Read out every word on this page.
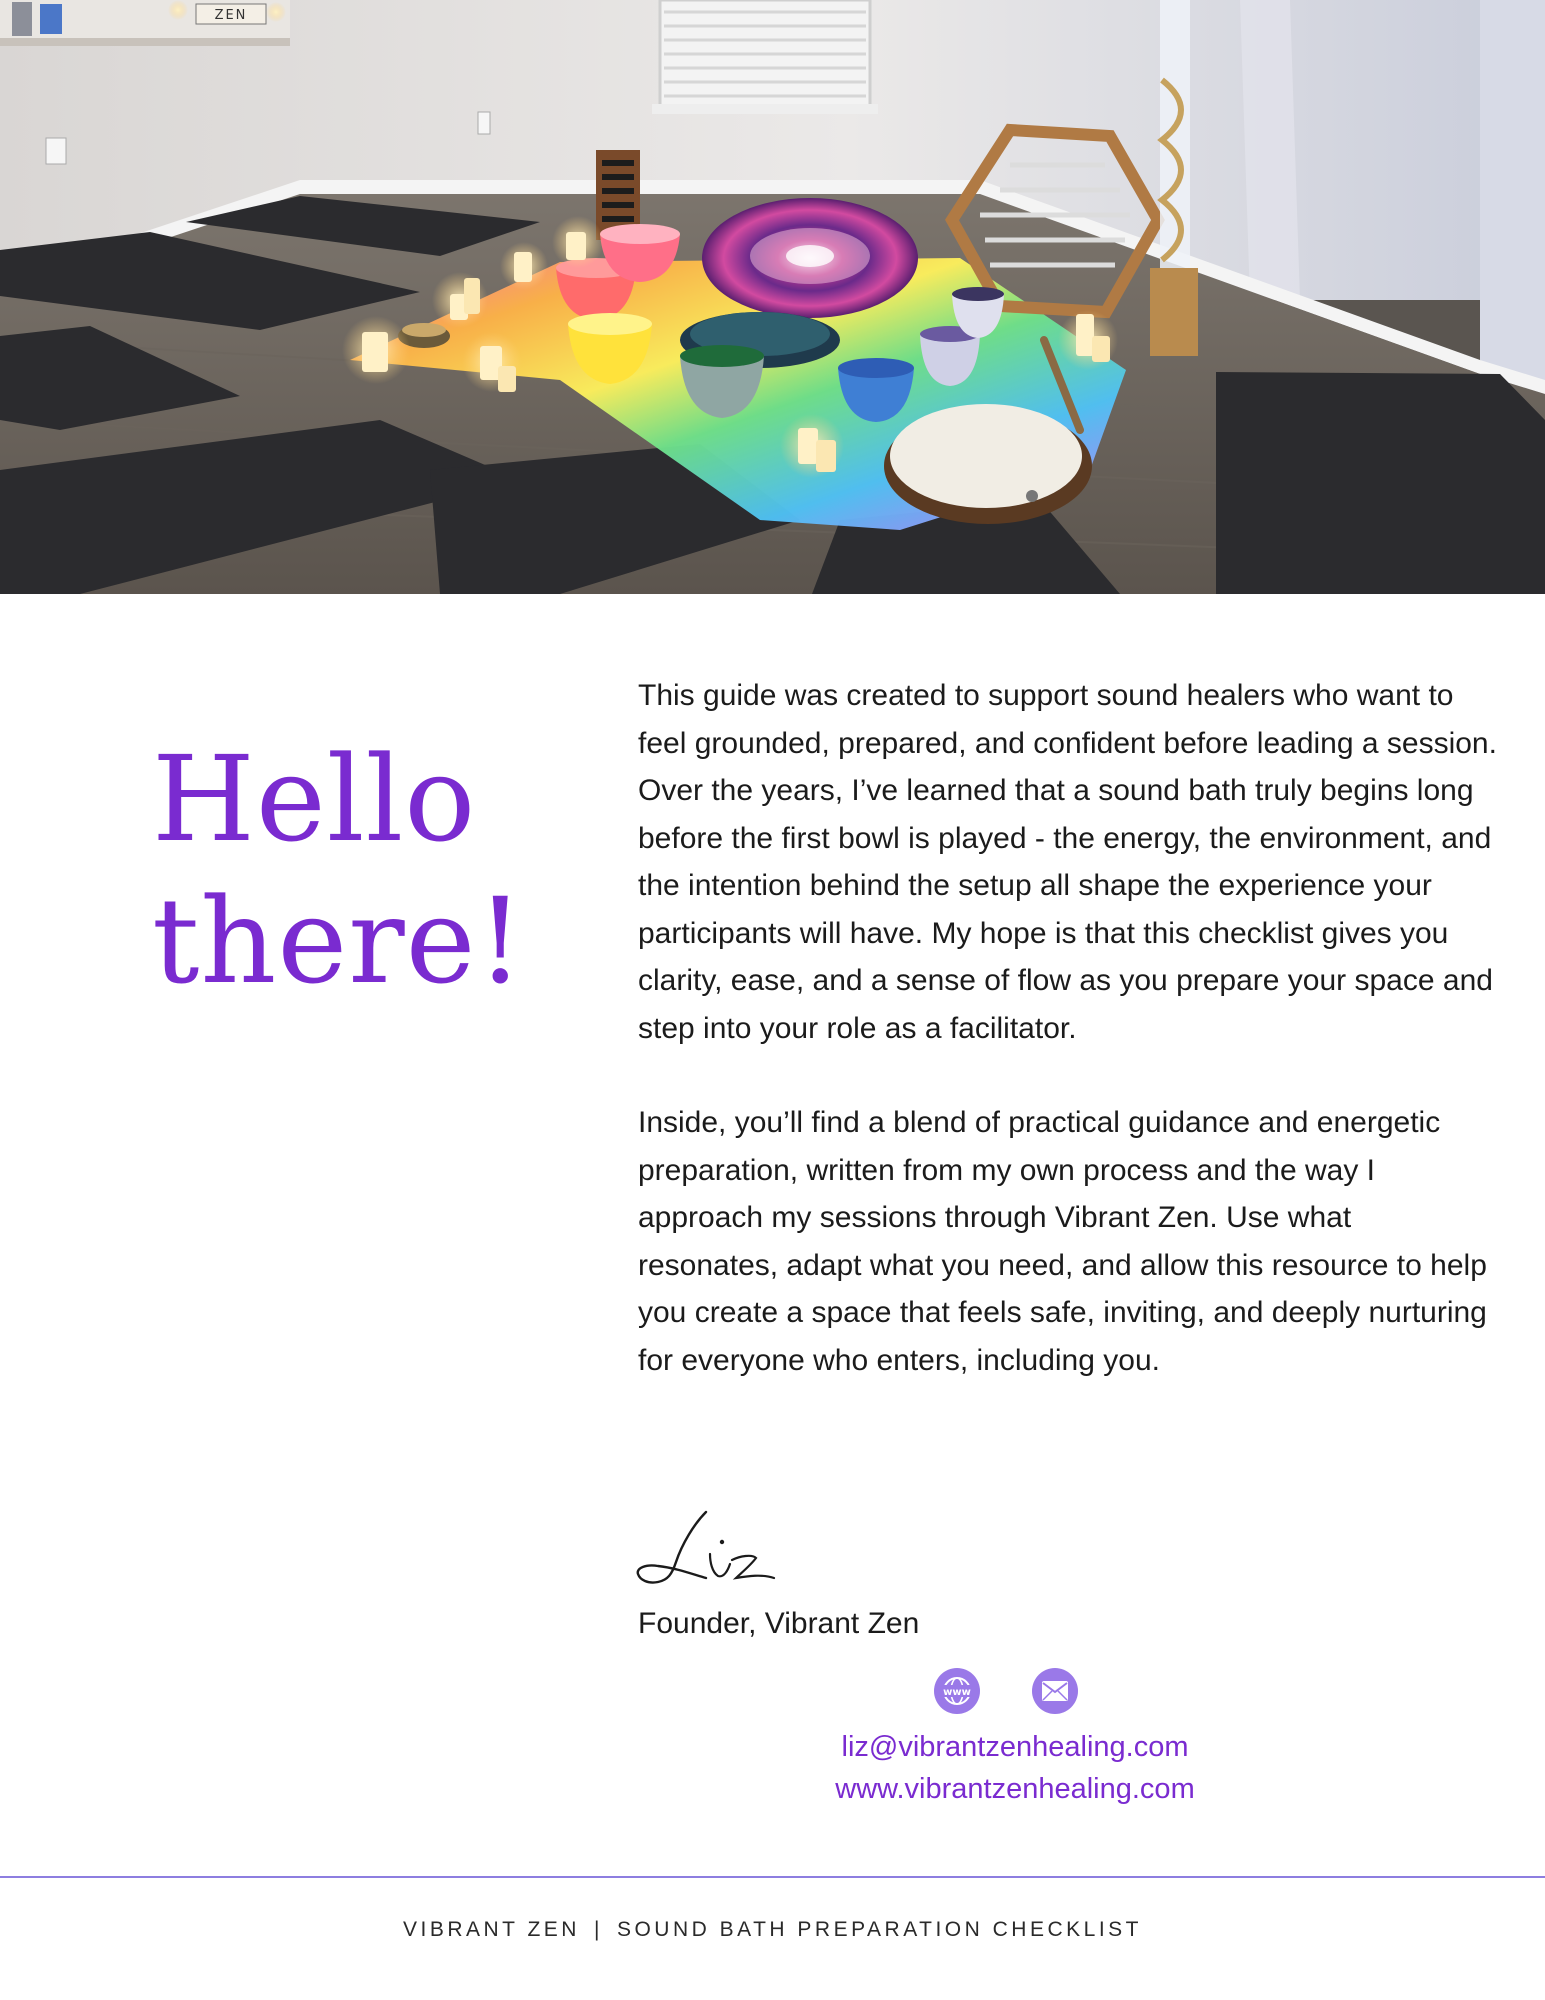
ZEN
Hello
there!

This guide was created to support sound healers who want to feel grounded, prepared, and confident before leading a session. Over the years, I’ve learned that a sound bath truly begins long before the first bowl is played - the energy, the environment, and the intention behind the setup all shape the experience your participants will have. My hope is that this checklist gives you clarity, ease, and a sense of flow as you prepare your space and step into your role as a facilitator.

Inside, you’ll find a blend of practical guidance and energetic preparation, written from my own process and the way I approach my sessions through Vibrant Zen. Use what resonates, adapt what you need, and allow this resource to help you create a space that feels safe, inviting, and deeply nurturing for everyone who enters, including you.

Founder, Vibrant Zen
www
liz@vibrantzenhealing.com
www.vibrantzenhealing.com
VIBRANT ZEN | SOUND BATH PREPARATION CHECKLIST
